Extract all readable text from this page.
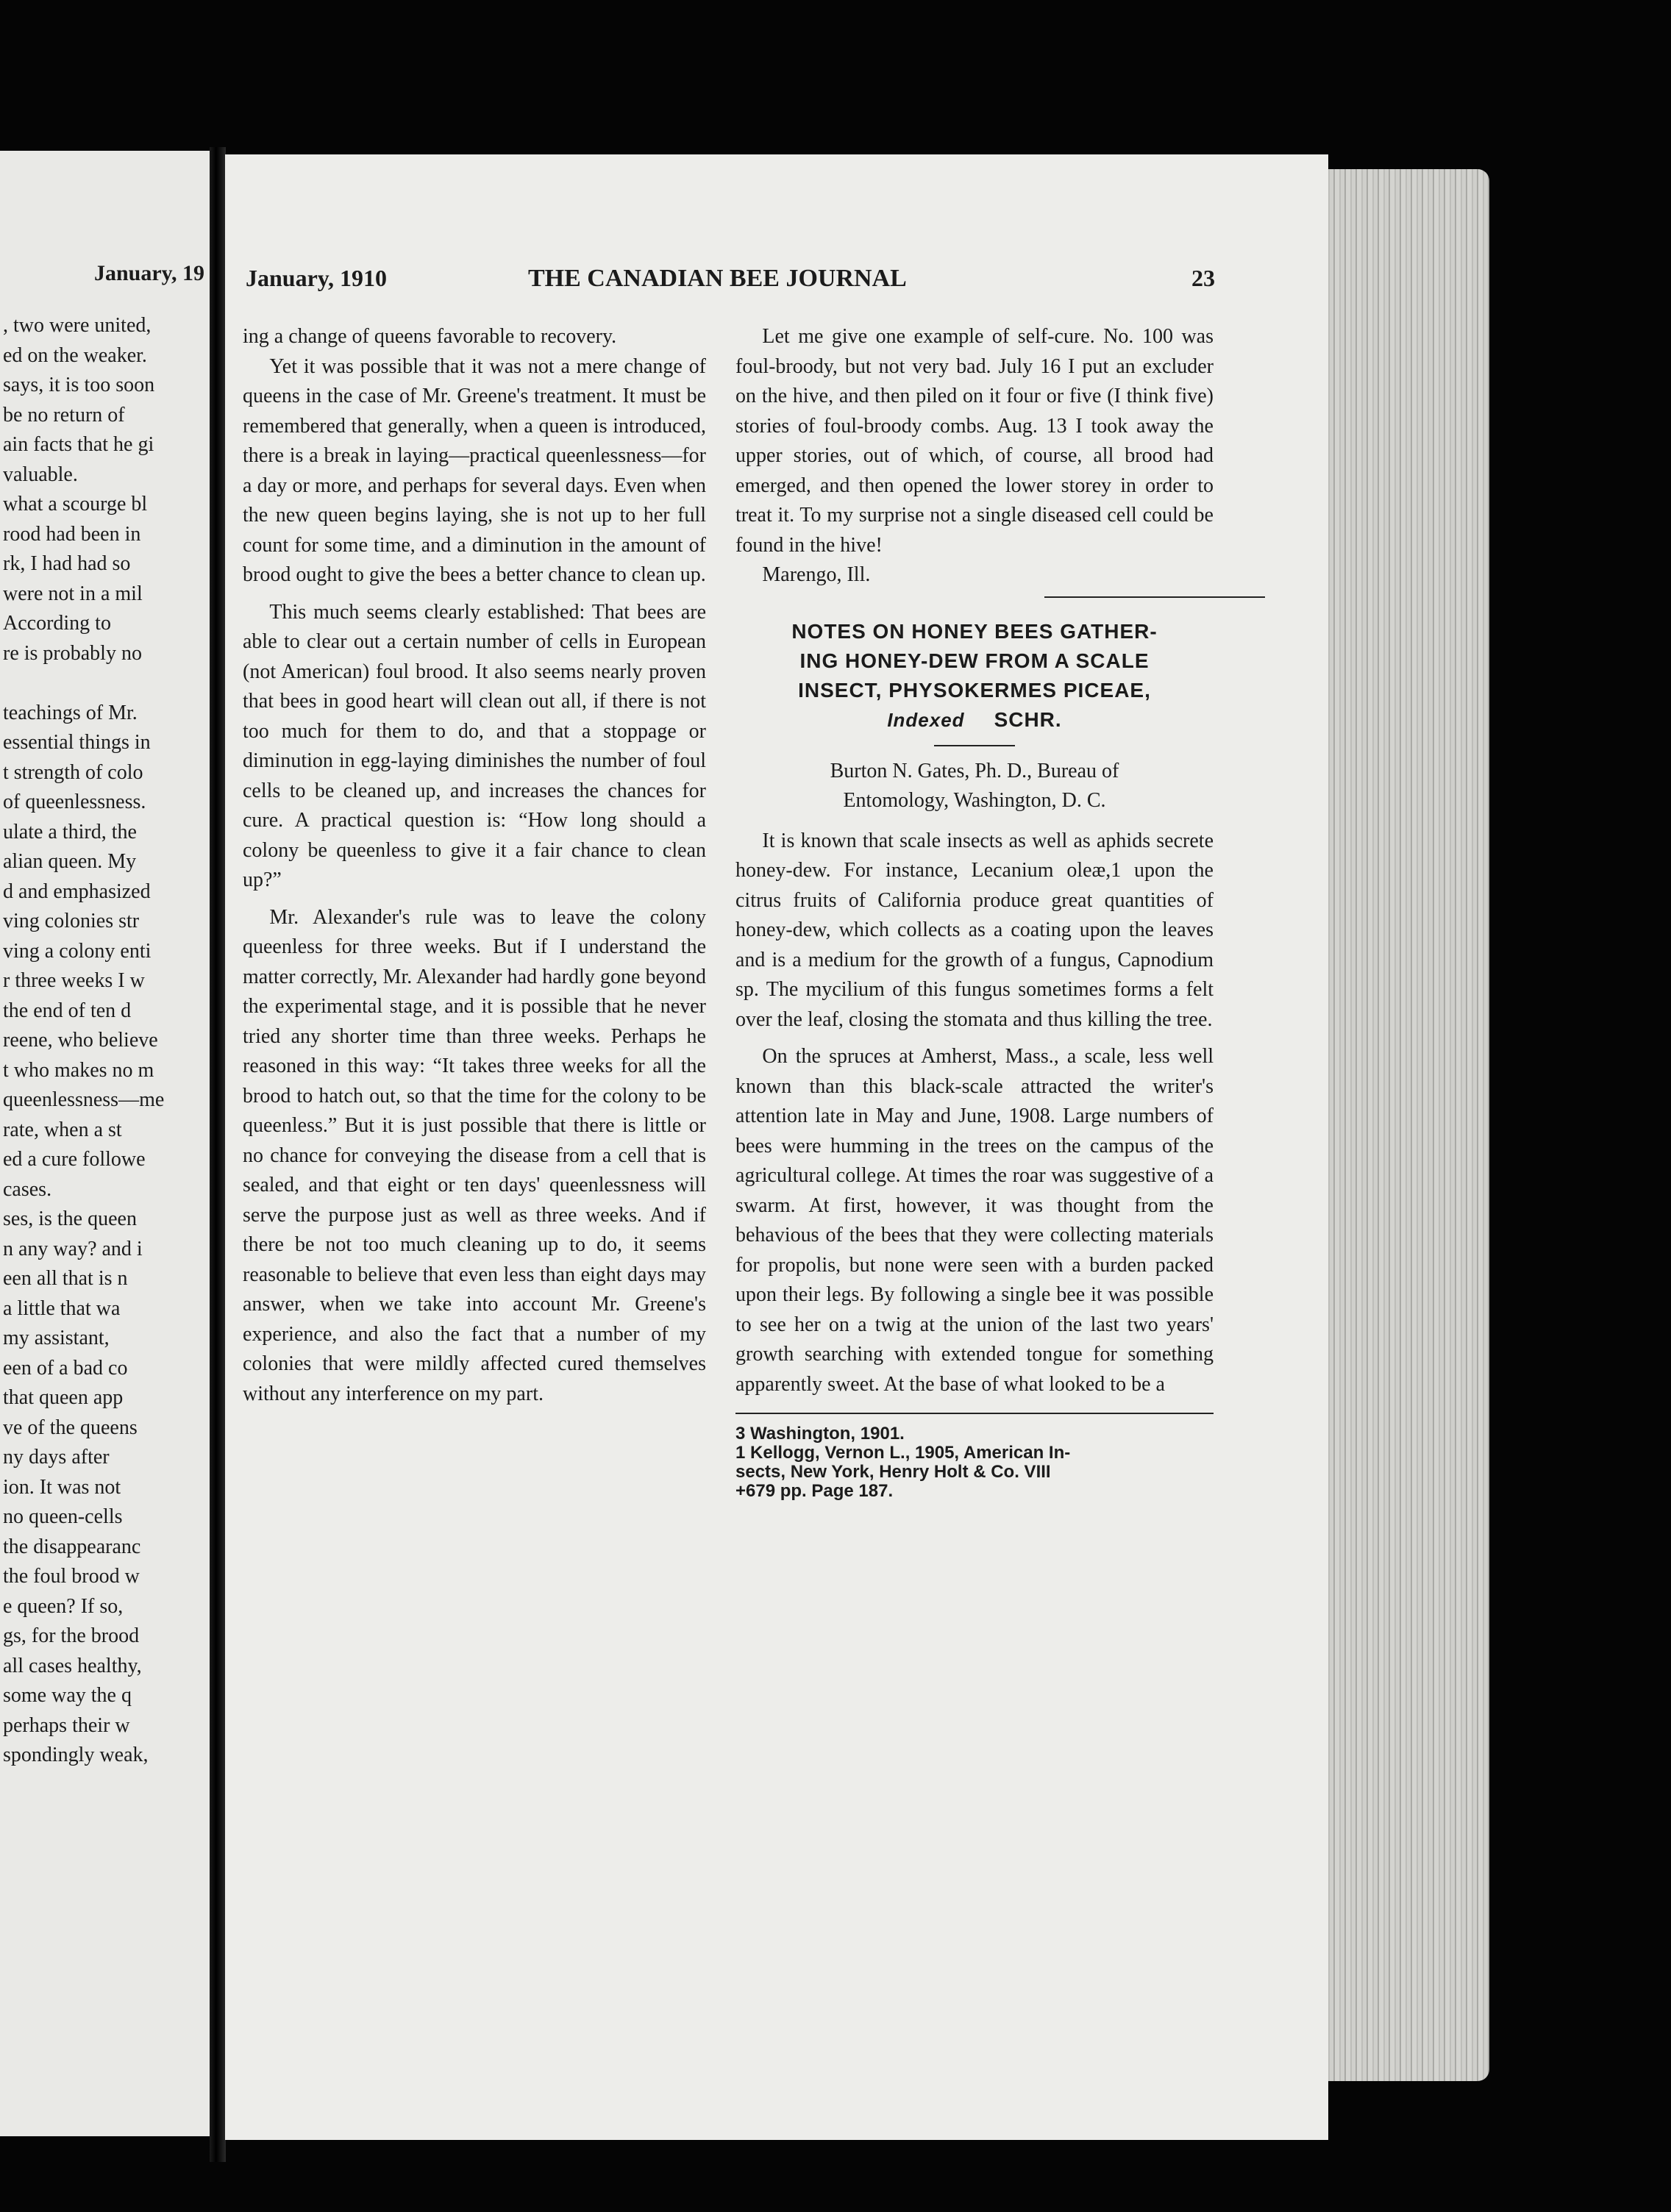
January, 19
, two were united,
ed on the weaker.
says, it is too soon
be no return of
ain facts that he gi
valuable.
what a scourge bl
rood had been in
rk, I had had so
were not in a mil
According to
re is probably no
teachings of Mr.
essential things in
t strength of colo
of queenlessness.
ulate a third, the
alian queen. My
d and emphasized
ving colonies str
ving a colony enti
r three weeks I w
the end of ten d
reene, who believe
t who makes no m
queenlessness—me
rate, when a st
ed a cure followe
cases.
ses, is the queen
n any way? and i
een all that is n
a little that wa
my assistant,
een of a bad co
that queen app
ve of the queens
ny days after
ion. It was not
no queen-cells
the disappearanc
the foul brood w
e queen? If so,
gs, for the brood
all cases healthy,
some way the q
perhaps their w
spondingly weak,
January, 1910	THE CANADIAN BEE JOURNAL	23

ing a change of queens favorable to recovery.

Yet it was possible that it was not a mere change of queens in the case of Mr. Greene's treatment. It must be remembered that generally, when a queen is introduced, there is a break in laying—practical queenlessness—for a day or more, and perhaps for several days. Even when the new queen begins laying, she is not up to her full count for some time, and a diminution in the amount of brood ought to give the bees a better chance to clean up.

This much seems clearly established: That bees are able to clear out a certain number of cells in European (not American) foul brood. It also seems nearly proven that bees in good heart will clean out all, if there is not too much for them to do, and that a stoppage or diminution in egg-laying diminishes the number of foul cells to be cleaned up, and increases the chances for cure. A practical question is: “How long should a colony be queenless to give it a fair chance to clean up?”

Mr. Alexander's rule was to leave the colony queenless for three weeks. But if I understand the matter correctly, Mr. Alexander had hardly gone beyond the experimental stage, and it is possible that he never tried any shorter time than three weeks. Perhaps he reasoned in this way: “It takes three weeks for all the brood to hatch out, so that the time for the colony to be queenless.” But it is just possible that there is little or no chance for conveying the disease from a cell that is sealed, and that eight or ten days' queenlessness will serve the purpose just as well as three weeks. And if there be not too much cleaning up to do, it seems reasonable to believe that even less than eight days may answer, when we take into account Mr. Greene's experience, and also the fact that a number of my colonies that were mildly affected cured themselves without any interference on my part.

Let me give one example of self-cure. No. 100 was foul-broody, but not very bad. July 16 I put an excluder on the hive, and then piled on it four or five (I think five) stories of foul-broody combs. Aug. 13 I took away the upper stories, out of which, of course, all brood had emerged, and then opened the lower storey in order to treat it. To my surprise not a single diseased cell could be found in the hive!

Marengo, Ill.

NOTES ON HONEY BEES GATHER-
ING HONEY-DEW FROM A SCALE
INSECT, PHYSOKERMES PICEAE,
Indexed SCHR.
Burton N. Gates, Ph. D., Bureau of
Entomology, Washington, D. C.

It is known that scale insects as well as aphids secrete honey-dew. For instance, Lecanium oleæ,1 upon the citrus fruits of California produce great quantities of honey-dew, which collects as a coating upon the leaves and is a medium for the growth of a fungus, Capnodium sp. The mycilium of this fungus sometimes forms a felt over the leaf, closing the stomata and thus killing the tree.

On the spruces at Amherst, Mass., a scale, less well known than this black-scale attracted the writer's attention late in May and June, 1908. Large numbers of bees were humming in the trees on the campus of the agricultural college. At times the roar was suggestive of a swarm. At first, however, it was thought from the behavious of the bees that they were collecting materials for propolis, but none were seen with a burden packed upon their legs. By following a single bee it was possible to see her on a twig at the union of the last two years' growth searching with extended tongue for something apparently sweet. At the base of what looked to be a

3 Washington, 1901.
1 Kellogg, Vernon L., 1905, American In-
sects, New York, Henry Holt & Co. VIII
+679 pp. Page 187.
